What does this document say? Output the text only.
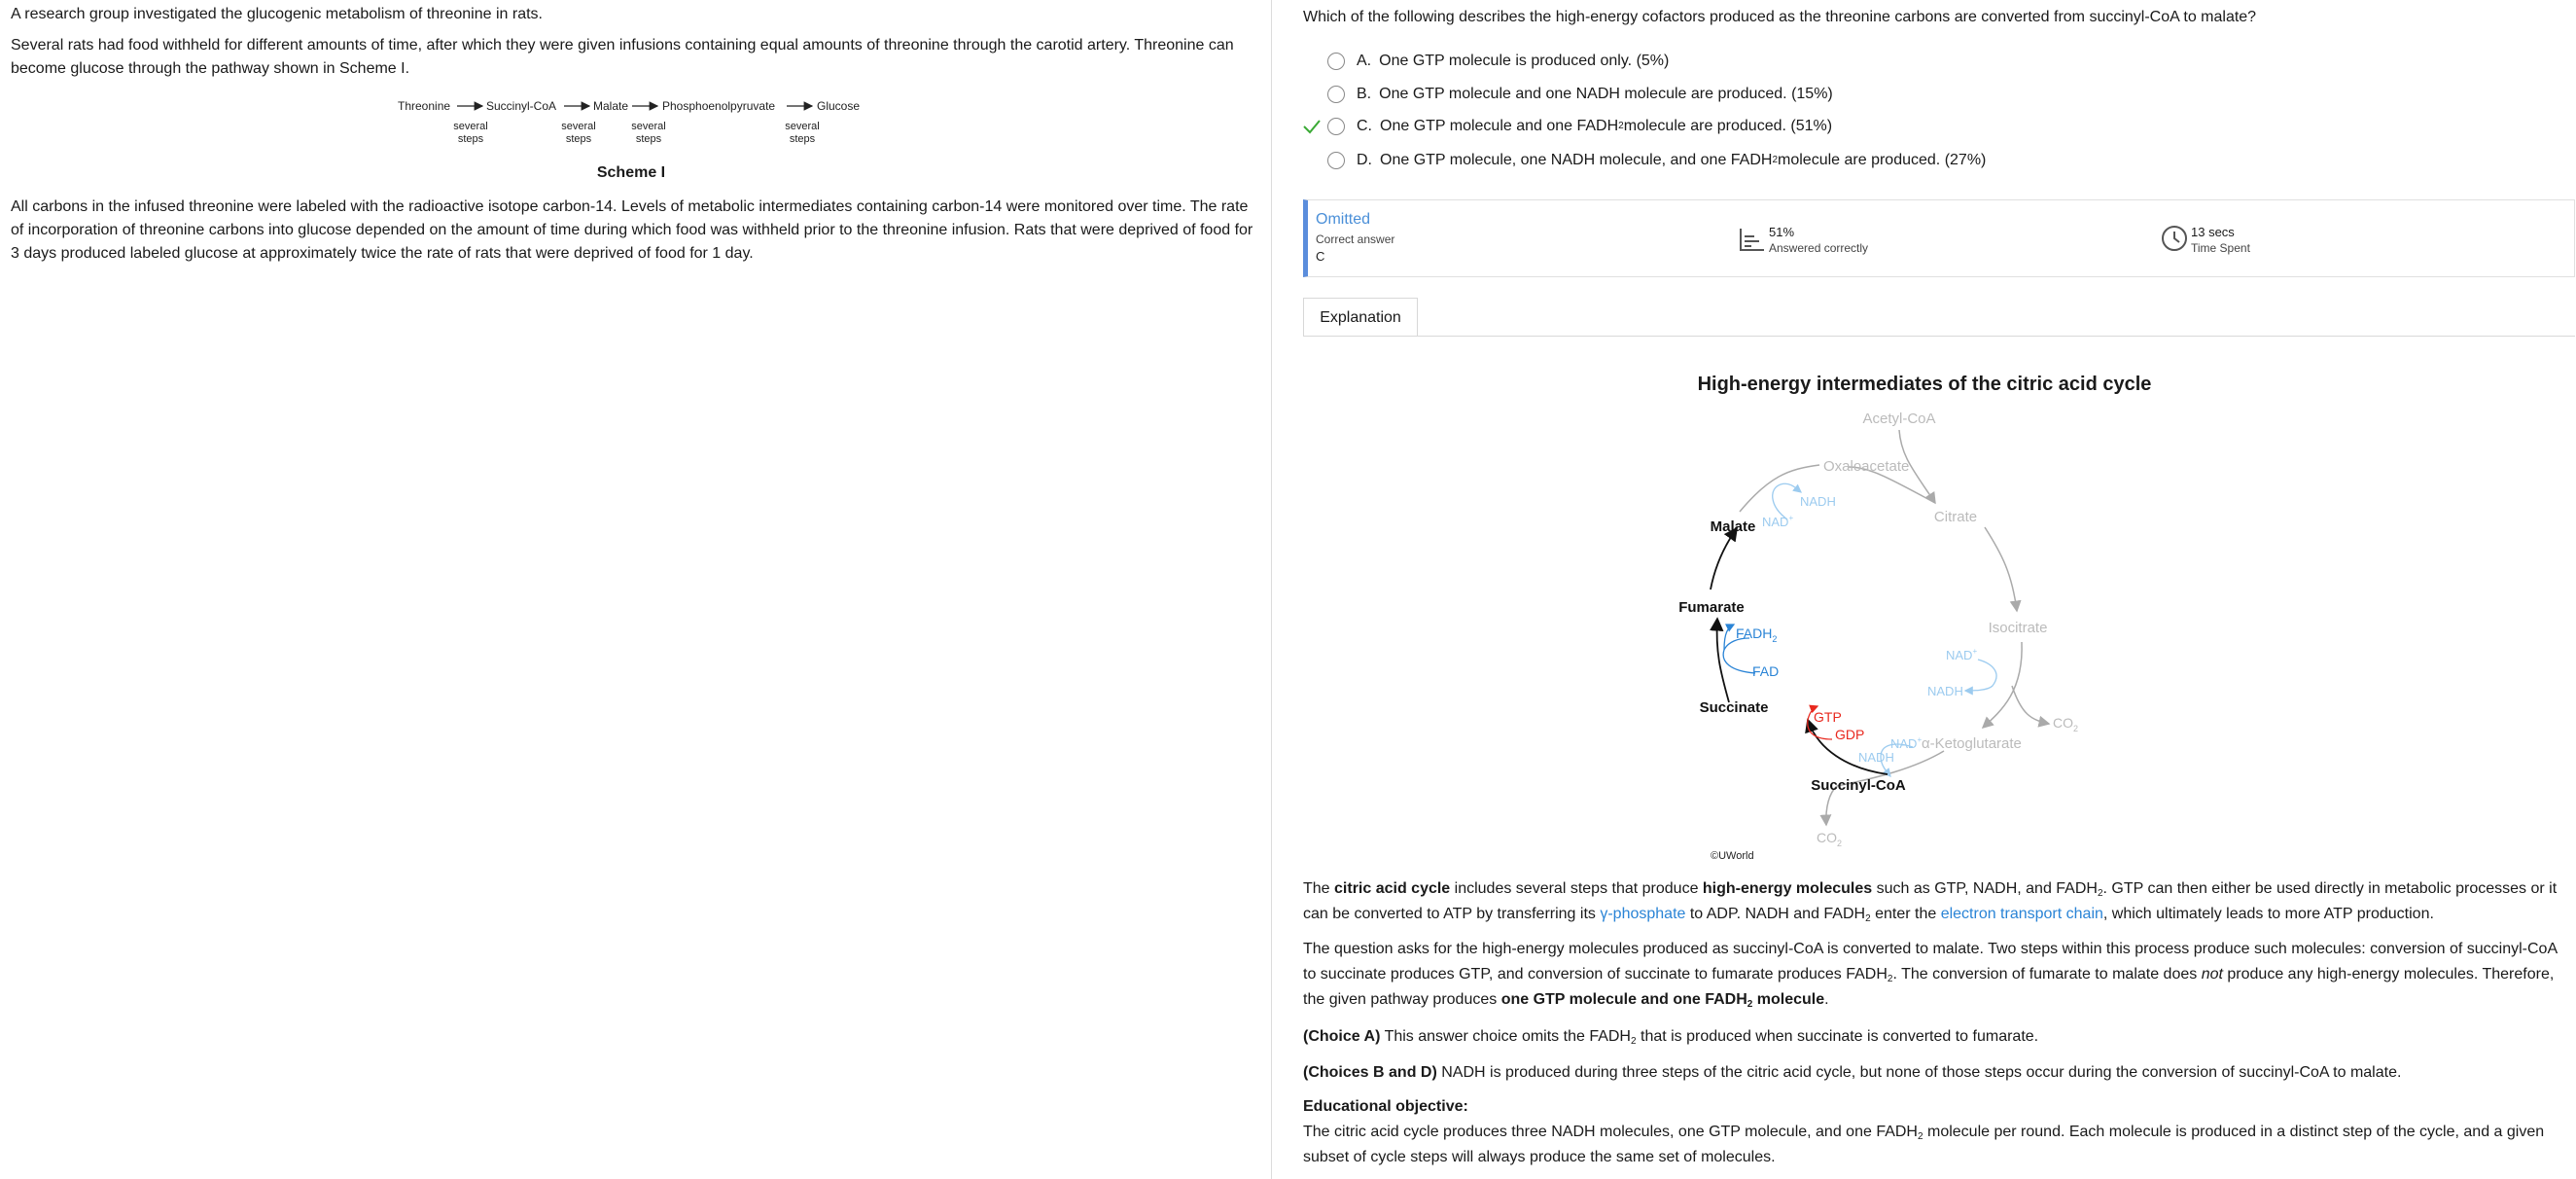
A research group investigated the glucogenic metabolism of threonine in rats.

Several rats had food withheld for different amounts of time, after which they were given infusions containing equal amounts of threonine through the carotid artery. Threonine can become glucose through the pathway shown in Scheme I.

Threonine	Succinyl-CoA	Malate	Phosphoenolpyruvate	Glucose
several
steps
several
steps
several
steps
several
steps
Scheme I

All carbons in the infused threonine were labeled with the radioactive isotope carbon-14. Levels of metabolic intermediates containing carbon-14 were monitored over time. The rate of incorporation of threonine carbons into glucose depended on the amount of time during which food was withheld prior to the threonine infusion. Rats that were deprived of food for 3 days produced labeled glucose at approximately twice the rate of rats that were deprived of food for 1 day.

Which of the following describes the high-energy cofactors produced as the threonine carbons are converted from succinyl-CoA to malate?

A. One GTP molecule is produced only.
(5%)
B. One GTP molecule and one NADH molecule are produced.
(15%)
C. One GTP molecule and one FADH 2 molecule are produced.
(51%)
D. One GTP molecule, one NADH molecule, and one FADH 2 molecule are produced.
(27%)
Omitted
Correct answer
C
51%
Answered correctly
13 secs
Time Spent
Explanation
High-energy intermediates of the citric acid cycle
Acetyl-CoA
Oxaloacetate
Citrate
Isocitrate
α-Ketoglutarate
$CO_2$
$CO_2$
NADH
NAD+
NAD+
NADH
NAD+
NADH
Malate
Fumarate
Succinate
Succinyl-CoA
$FADH_2$
FAD
GTP
GDP
©UWorld

The citric acid cycle includes several steps that produce high-energy molecules such as GTP, NADH, and $FADH_2$. GTP can then either be used directly in metabolic processes or it can be converted to ATP by transferring its γ-phosphate to ADP. NADH and $FADH_2$ enter the electron transport chain, which ultimately leads to more ATP production.

The question asks for the high-energy molecules produced as succinyl-CoA is converted to malate. Two steps within this process produce such molecules: conversion of succinyl-CoA to succinate produces GTP, and conversion of succinate to fumarate produces $FADH_2$. The conversion of fumarate to malate does not produce any high-energy molecules. Therefore, the given pathway produces one GTP molecule and one $FADH_2$ molecule.

(Choice A) This answer choice omits the $FADH_2$ that is produced when succinate is converted to fumarate.

(Choices B and D) NADH is produced during three steps of the citric acid cycle, but none of those steps occur during the conversion of succinyl-CoA to malate.

Educational objective:

The citric acid cycle produces three NADH molecules, one GTP molecule, and one $FADH_2$ molecule per round. Each molecule is produced in a distinct step of the cycle, and a given subset of cycle steps will always produce the same set of molecules.
